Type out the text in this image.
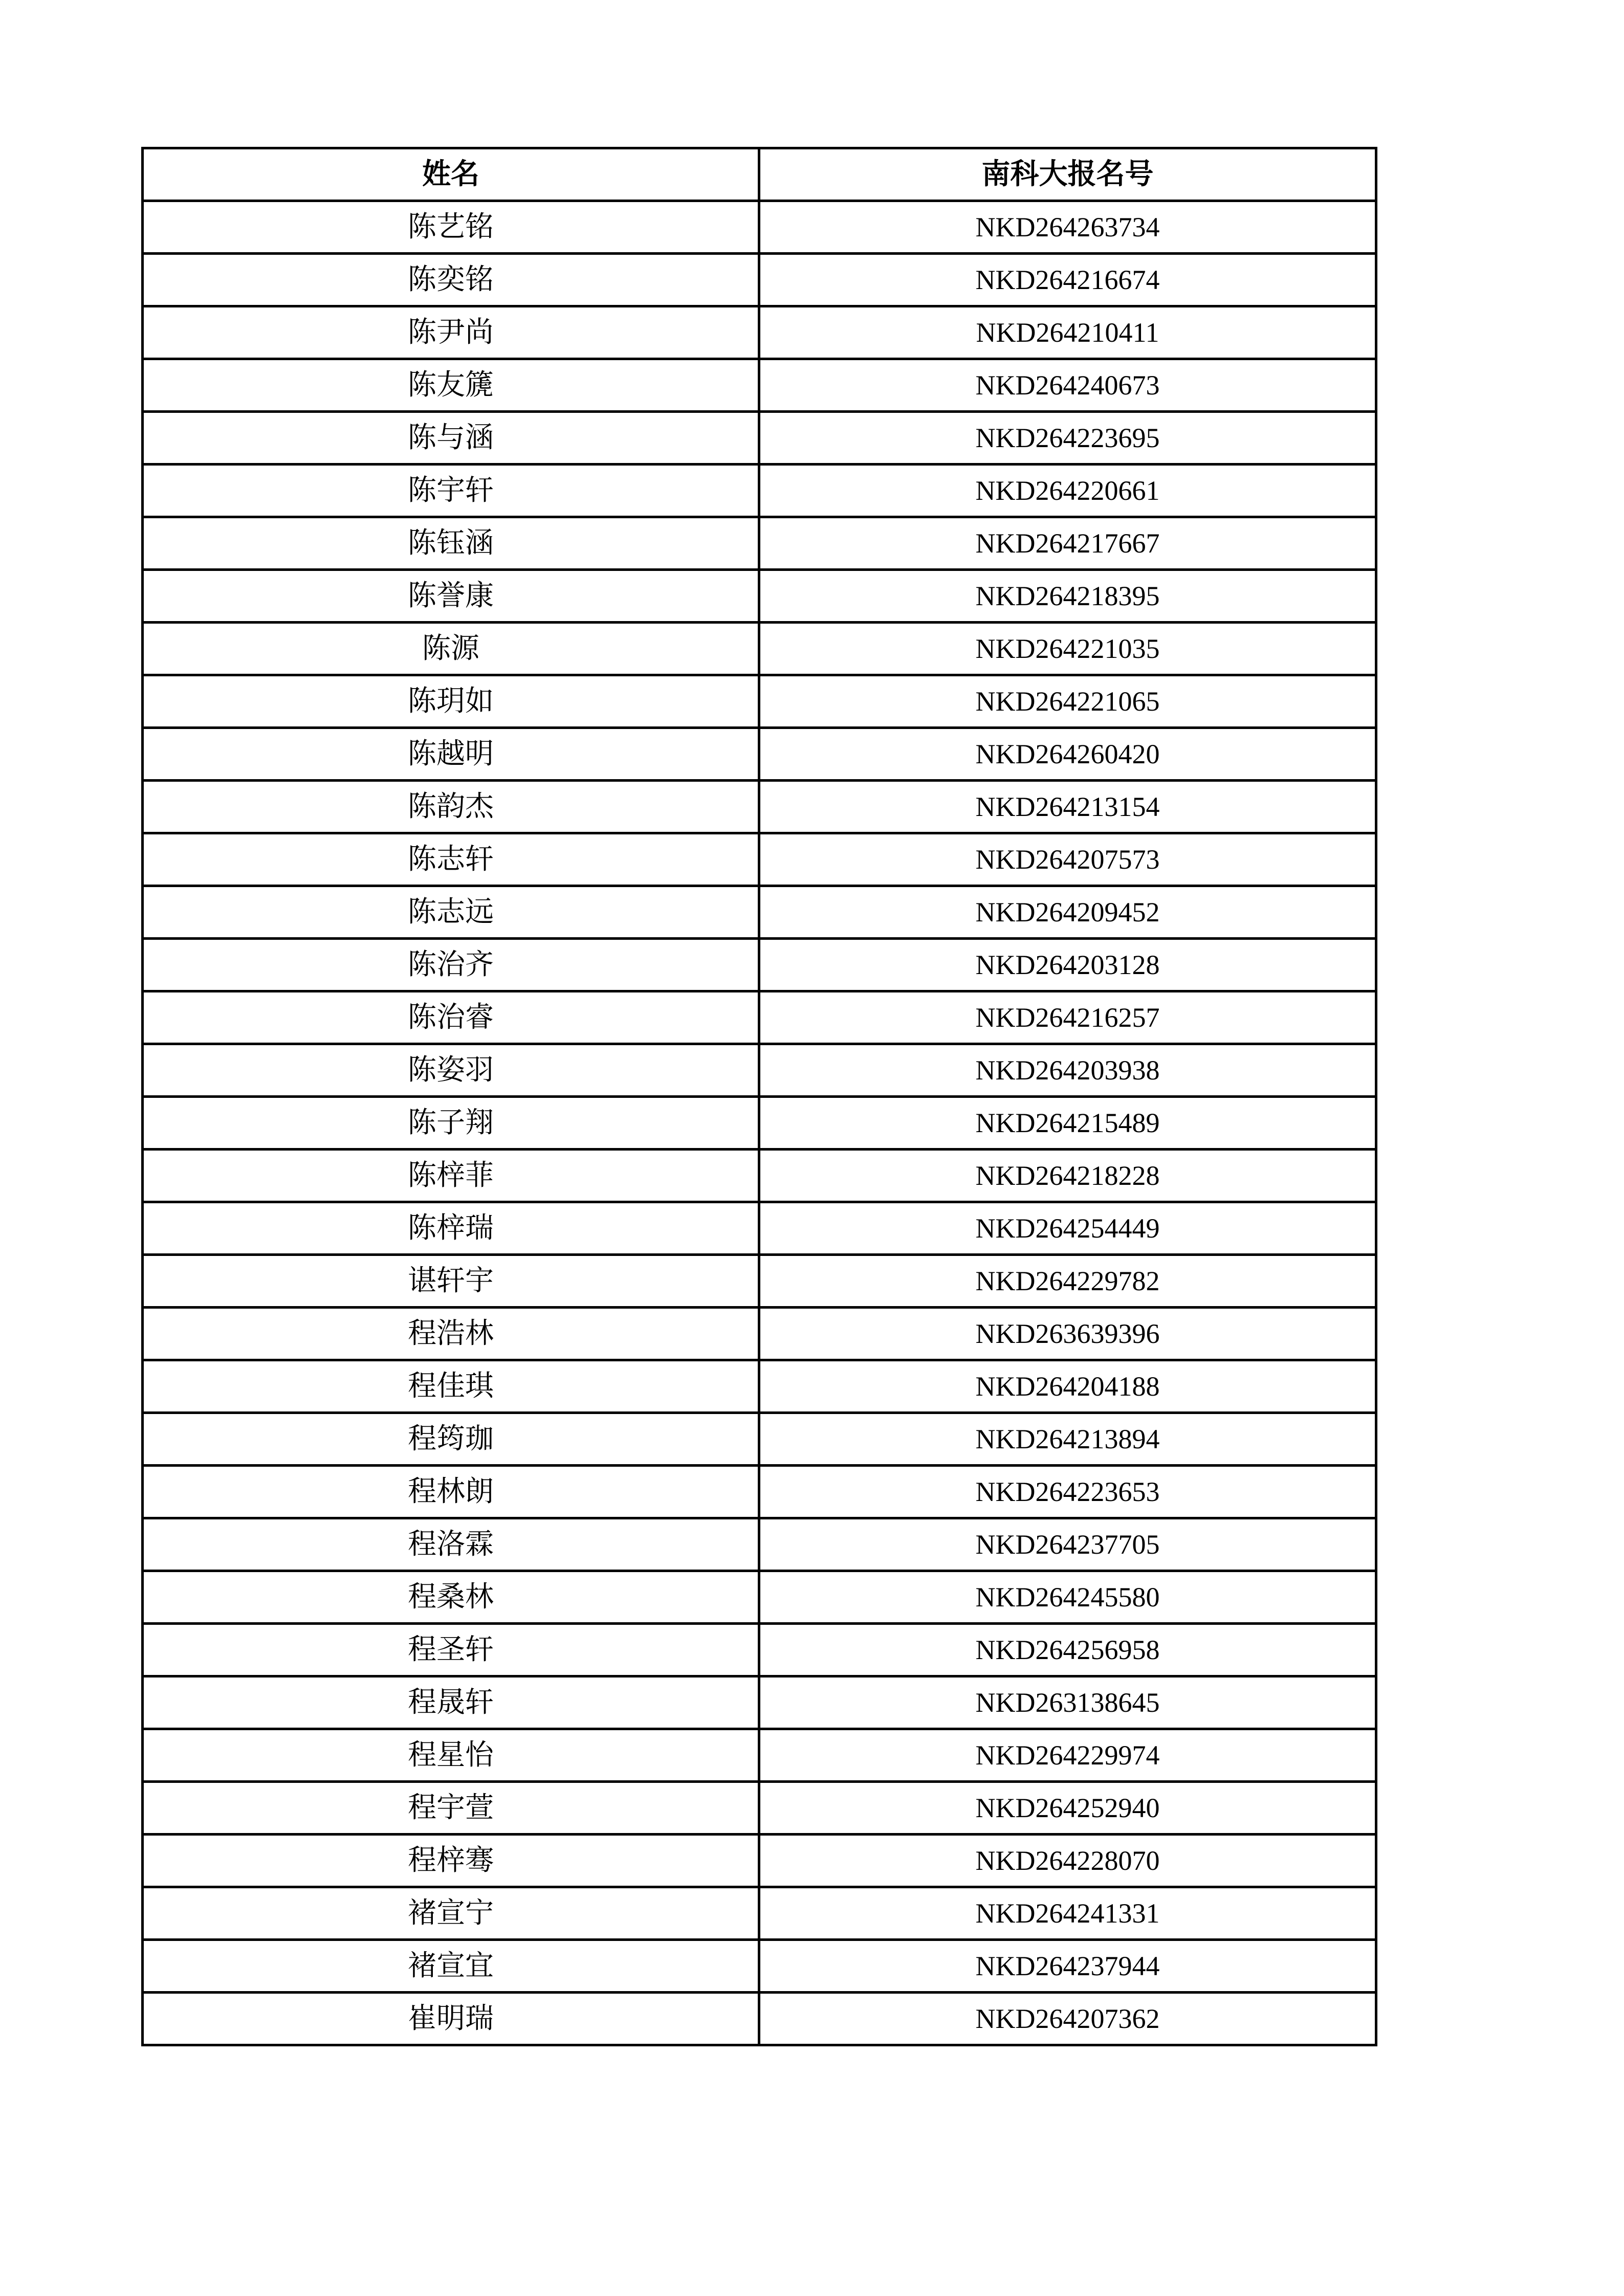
姓名	南科大报名号
陈艺铭	NKD264263734
陈奕铭	NKD264216674
陈尹尚	NKD264210411
陈友篪	NKD264240673
陈与涵	NKD264223695
陈宇轩	NKD264220661
陈钰涵	NKD264217667
陈誉康	NKD264218395
陈源	NKD264221035
陈玥如	NKD264221065
陈越明	NKD264260420
陈韵杰	NKD264213154
陈志轩	NKD264207573
陈志远	NKD264209452
陈治齐	NKD264203128
陈治睿	NKD264216257
陈姿羽	NKD264203938
陈子翔	NKD264215489
陈梓菲	NKD264218228
陈梓瑞	NKD264254449
谌轩宇	NKD264229782
程浩林	NKD263639396
程佳琪	NKD264204188
程筠珈	NKD264213894
程林朗	NKD264223653
程洛霖	NKD264237705
程桑林	NKD264245580
程圣轩	NKD264256958
程晟轩	NKD263138645
程星怡	NKD264229974
程宇萱	NKD264252940
程梓骞	NKD264228070
褚宣宁	NKD264241331
褚宣宜	NKD264237944
崔明瑞	NKD264207362
